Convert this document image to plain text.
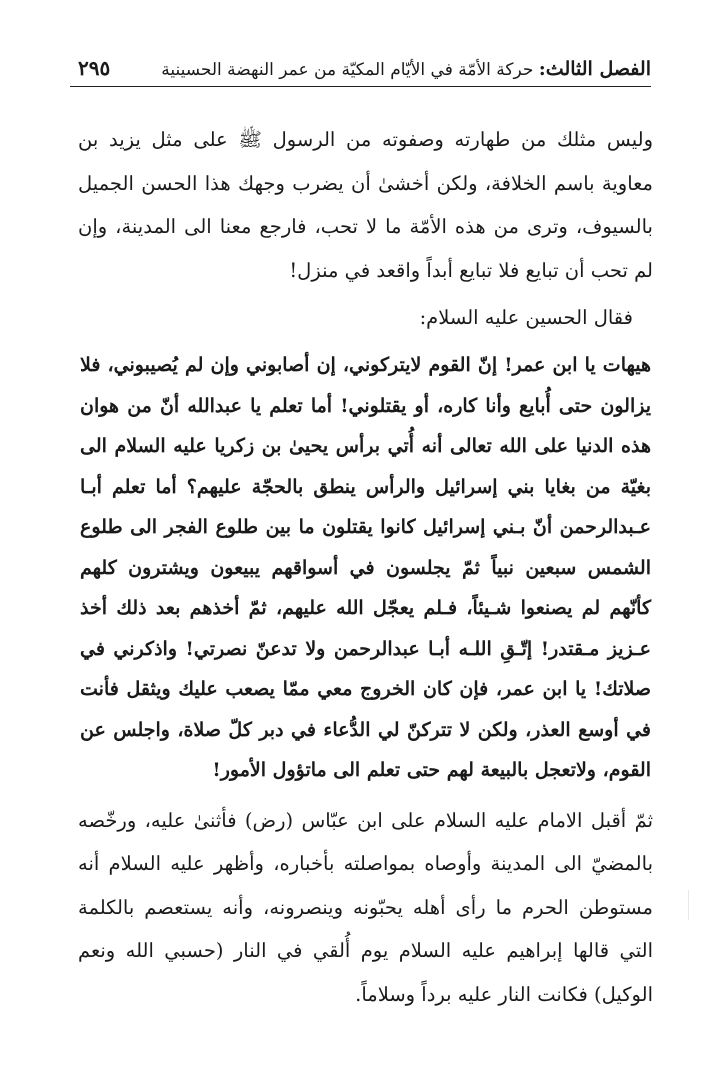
الفصل الثالث: حركة الأمّة في الأيّام المكيّة من عمر النهضة الحسينية
٢٩٥

وليس مثلك من طهارته وصفوته من الرسول ﷺ على مثل يزيد بن معاوية باسم الخلافة، ولكن أخشىٰ أن يضرب وجهك هذا الحسن الجميل بالسيوف، وترى من هذه الأمّة ما لا تحب، فارجع معنا الى المدينة، وإن لم تحب أن تبايع فلا تبايع أبداً واقعد في منزل!

فقال الحسين عليه السلام:

هيهات يا ابن عمر! إنّ القوم لايتركوني، إن أصابوني وإن لم يُصيبوني، فلا يزالون حتى أُبايع وأنا كاره، أو يقتلوني! أما تعلم يا عبدالله أنّ من هوان هذه الدنيا على الله تعالى أنه أُتي برأس يحيىٰ بن زكريا عليه السلام الى بغيّة من بغايا بني إسرائيل والرأس ينطق بالحجّة عليهم؟ أما تعلم أبـا عـبدالرحمن أنّ بـني إسرائيل كانوا يقتلون ما بين طلوع الفجر الى طلوع الشمس سبعين نبياً ثمّ يجلسون في أسواقهم يبيعون ويشترون كلهم كأنّهم لم يصنعوا شـيئاً، فـلم يعجّل الله عليهم، ثمّ أخذهم بعد ذلك أخذ عـزيز مـقتدر! إتّـقِ اللـه أبـا عبدالرحمن ولا تدعنّ نصرتي! واذكرني في صلاتك! يا ابن عمر، فإن كان الخروج معي ممّا يصعب عليك ويثقل فأنت في أوسع العذر، ولكن لا تتركنّ لي الدُّعاء في دبر كلّ صلاة، واجلس عن القوم، ولاتعجل بالبيعة لهم حتى تعلم الى ماتؤول الأمور!

ثمّ أقبل الامام عليه السلام على ابن عبّاس (رض) فأثنىٰ عليه، ورخّصه بالمضيّ الى المدينة وأوصاه بمواصلته بأخباره، وأظهر عليه السلام أنه مستوطن الحرم ما رأى أهله يحبّونه وينصرونه، وأنه يستعصم بالكلمة التي قالها إبراهيم عليه السلام يوم أُلقي في النار (حسبي الله ونعم الوكيل) فكانت النار عليه برداً وسلاماً.
